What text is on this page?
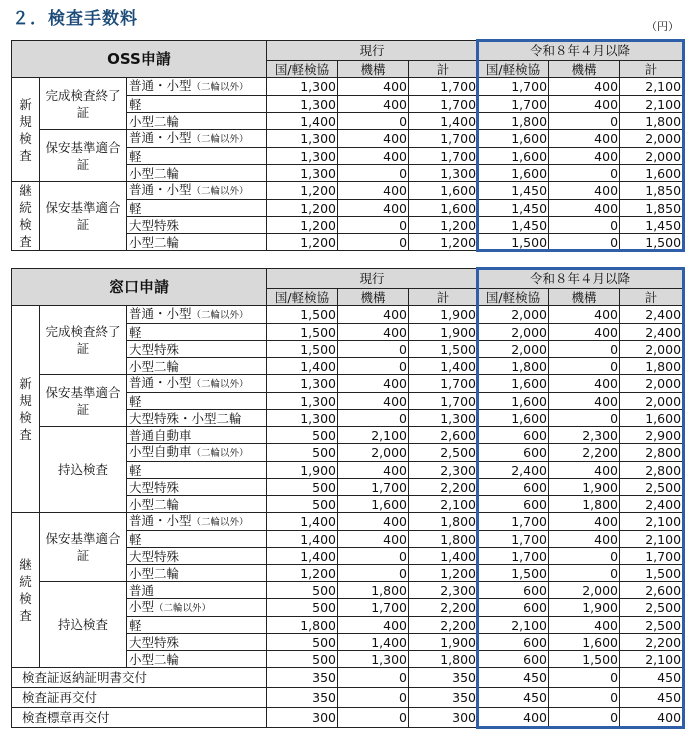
２．検査手数料	（円）
OSS申請			現行			令和８年４月以降		
			国/軽検協	機構	計	国/軽検協	機構	計
新規検査	完成検査終了証	普通・小型（二輪以外）	1,300	400	1,700	1,700	400	2,100
		軽	1,300	400	1,700	1,700	400	2,100
		小型二輪	1,400	0	1,400	1,800	0	1,800
	保安基準適合証	普通・小型（二輪以外）	1,300	400	1,700	1,600	400	2,000
		軽	1,300	400	1,700	1,600	400	2,000
		小型二輪	1,300	0	1,300	1,600	0	1,600
継続検査	保安基準適合証	普通・小型（二輪以外）	1,200	400	1,600	1,450	400	1,850
		軽	1,200	400	1,600	1,450	400	1,850
		大型特殊	1,200	0	1,200	1,450	0	1,450
		小型二輪	1,200	0	1,200	1,500	0	1,500
窓口申請			現行			令和８年４月以降		
			国/軽検協	機構	計	国/軽検協	機構	計
新規検査	完成検査終了証	普通・小型（二輪以外）	1,500	400	1,900	2,000	400	2,400
		軽	1,500	400	1,900	2,000	400	2,400
		大型特殊	1,500	0	1,500	2,000	0	2,000
		小型二輪	1,400	0	1,400	1,800	0	1,800
	保安基準適合証	普通・小型（二輪以外）	1,300	400	1,700	1,600	400	2,000
		軽	1,300	400	1,700	1,600	400	2,000
		大型特殊・小型二輪	1,300	0	1,300	1,600	0	1,600
	持込検査	普通自動車	500	2,100	2,600	600	2,300	2,900
		小型自動車（二輪以外）	500	2,000	2,500	600	2,200	2,800
		軽	1,900	400	2,300	2,400	400	2,800
		大型特殊	500	1,700	2,200	600	1,900	2,500
		小型二輪	500	1,600	2,100	600	1,800	2,400
継続検査	保安基準適合証	普通・小型（二輪以外）	1,400	400	1,800	1,700	400	2,100
		軽	1,400	400	1,800	1,700	400	2,100
		大型特殊	1,400	0	1,400	1,700	0	1,700
		小型二輪	1,200	0	1,200	1,500	0	1,500
	持込検査	普通	500	1,800	2,300	600	2,000	2,600
		小型（二輪以外）	500	1,700	2,200	600	1,900	2,500
		軽	1,800	400	2,200	2,100	400	2,500
		大型特殊	500	1,400	1,900	600	1,600	2,200
		小型二輪	500	1,300	1,800	600	1,500	2,100
検査証返納証明書交付			350	0	350	450	0	450
検査証再交付			350	0	350	450	0	450
検査標章再交付			300	0	300	400	0	400
